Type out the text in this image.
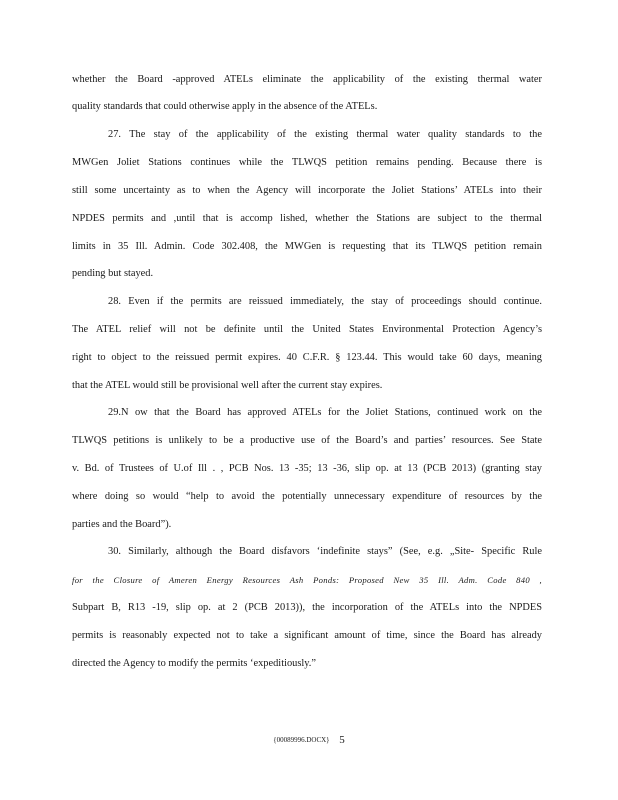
whether the Board -approved ATELs eliminate the applicability of the existing thermal water
quality standards that could otherwise apply in the absence of the ATELs.
27. The stay of the applicability of the existing thermal water quality standards to the
MWGen Joliet Stations continues while the TLWQS petition remains pending. Because there is
still some uncertainty as to when the Agency will incorporate the Joliet Stations’ ATELs into their
NPDES permits and ,until that is accomp lished, whether the Stations are subject to the thermal
limits in 35 Ill. Admin. Code 302.408, the MWGen is requesting that its TLWQS petition remain
pending but stayed.
28. Even if the permits are reissued immediately, the stay of proceedings should continue.
The ATEL relief will not be definite until the United States Environmental Protection Agency’s
right to object to the reissued permit expires. 40 C.F.R. § 123.44. This would take 60 days, meaning
that the ATEL would still be provisional well after the current stay expires.
29.N ow that the Board has approved ATELs for the Joliet Stations, continued work on the
TLWQS petitions is unlikely to be a productive use of the Board’s and parties’ resources. See State
v. Bd. of Trustees of U.of Ill . , PCB Nos. 13 -35; 13 -36, slip op. at 13 (PCB 2013) (granting stay
where doing so would “help to avoid the potentially unnecessary expenditure of resources by the
parties and the Board”).
30. Similarly, although the Board disfavors ‘indefinite stays” (See, e.g. „Site- Specific Rule
for the Closure of Ameren Energy Resources Ash Ponds: Proposed New 35 Ill. Adm. Code 840 ,
Subpart B, R13 -19, slip op. at 2 (PCB 2013)), the incorporation of the ATELs into the NPDES
permits is reasonably expected not to take a significant amount of time, since the Board has already
directed the Agency to modify the permits ‘expeditiously.”
{00089996.DOCX} 5
